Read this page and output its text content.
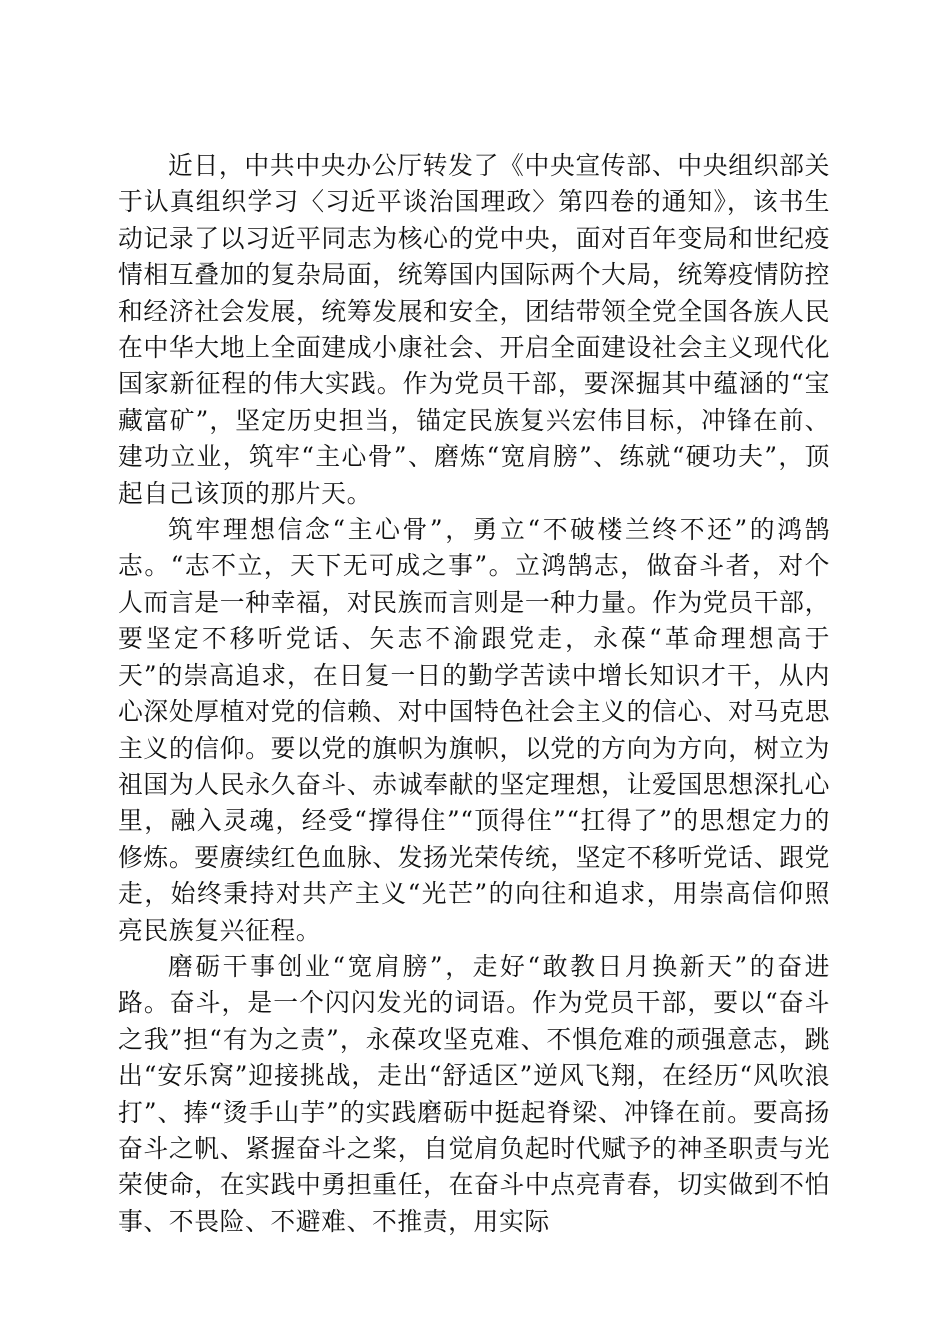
近日，中共中央办公厅转发了《中央宣传部、中央组织部关于认真组织学习〈习近平谈治国理政〉第四卷的通知》，该书生动记录了以习近平同志为核心的党中央，面对百年变局和世纪疫情相互叠加的复杂局面，统筹国内国际两个大局，统筹疫情防控和经济社会发展，统筹发展和安全，团结带领全党全国各族人民在中华大地上全面建成小康社会、开启全面建设社会主义现代化国家新征程的伟大实践。作为党员干部，要深掘其中蕴涵的“宝藏富矿”，坚定历史担当，锚定民族复兴宏伟目标，冲锋在前、建功立业，筑牢“主心骨”、磨炼“宽肩膀”、练就“硬功夫”，顶起自己该顶的那片天。

筑牢理想信念“主心骨”，勇立“不破楼兰终不还”的鸿鹄志。“志不立，天下无可成之事”。立鸿鹄志，做奋斗者，对个人而言是一种幸福，对民族而言则是一种力量。作为党员干部，要坚定不移听党话、矢志不渝跟党走，永葆“革命理想高于天”的崇高追求，在日复一日的勤学苦读中增长知识才干，从内心深处厚植对党的信赖、对中国特色社会主义的信心、对马克思主义的信仰。要以党的旗帜为旗帜，以党的方向为方向，树立为祖国为人民永久奋斗、赤诚奉献的坚定理想，让爱国思想深扎心里，融入灵魂，经受“撑得住”“顶得住”“扛得了”的思想定力的修炼。要赓续红色血脉、发扬光荣传统，坚定不移听党话、跟党走，始终秉持对共产主义“光芒”的向往和追求，用崇高信仰照亮民族复兴征程。

磨砺干事创业“宽肩膀”，走好“敢教日月换新天”的奋进路。奋斗，是一个闪闪发光的词语。作为党员干部，要以“奋斗之我”担“有为之责”，永葆攻坚克难、不惧危难的顽强意志，跳出“安乐窝”迎接挑战，走出“舒适区”逆风飞翔，在经历“风吹浪打”、捧“烫手山芋”的实践磨砺中挺起脊梁、冲锋在前。要高扬奋斗之帆、紧握奋斗之桨，自觉肩负起时代赋予的神圣职责与光荣使命，在实践中勇担重任，在奋斗中点亮青春，切实做到不怕事、不畏险、不避难、不推责，用实际
